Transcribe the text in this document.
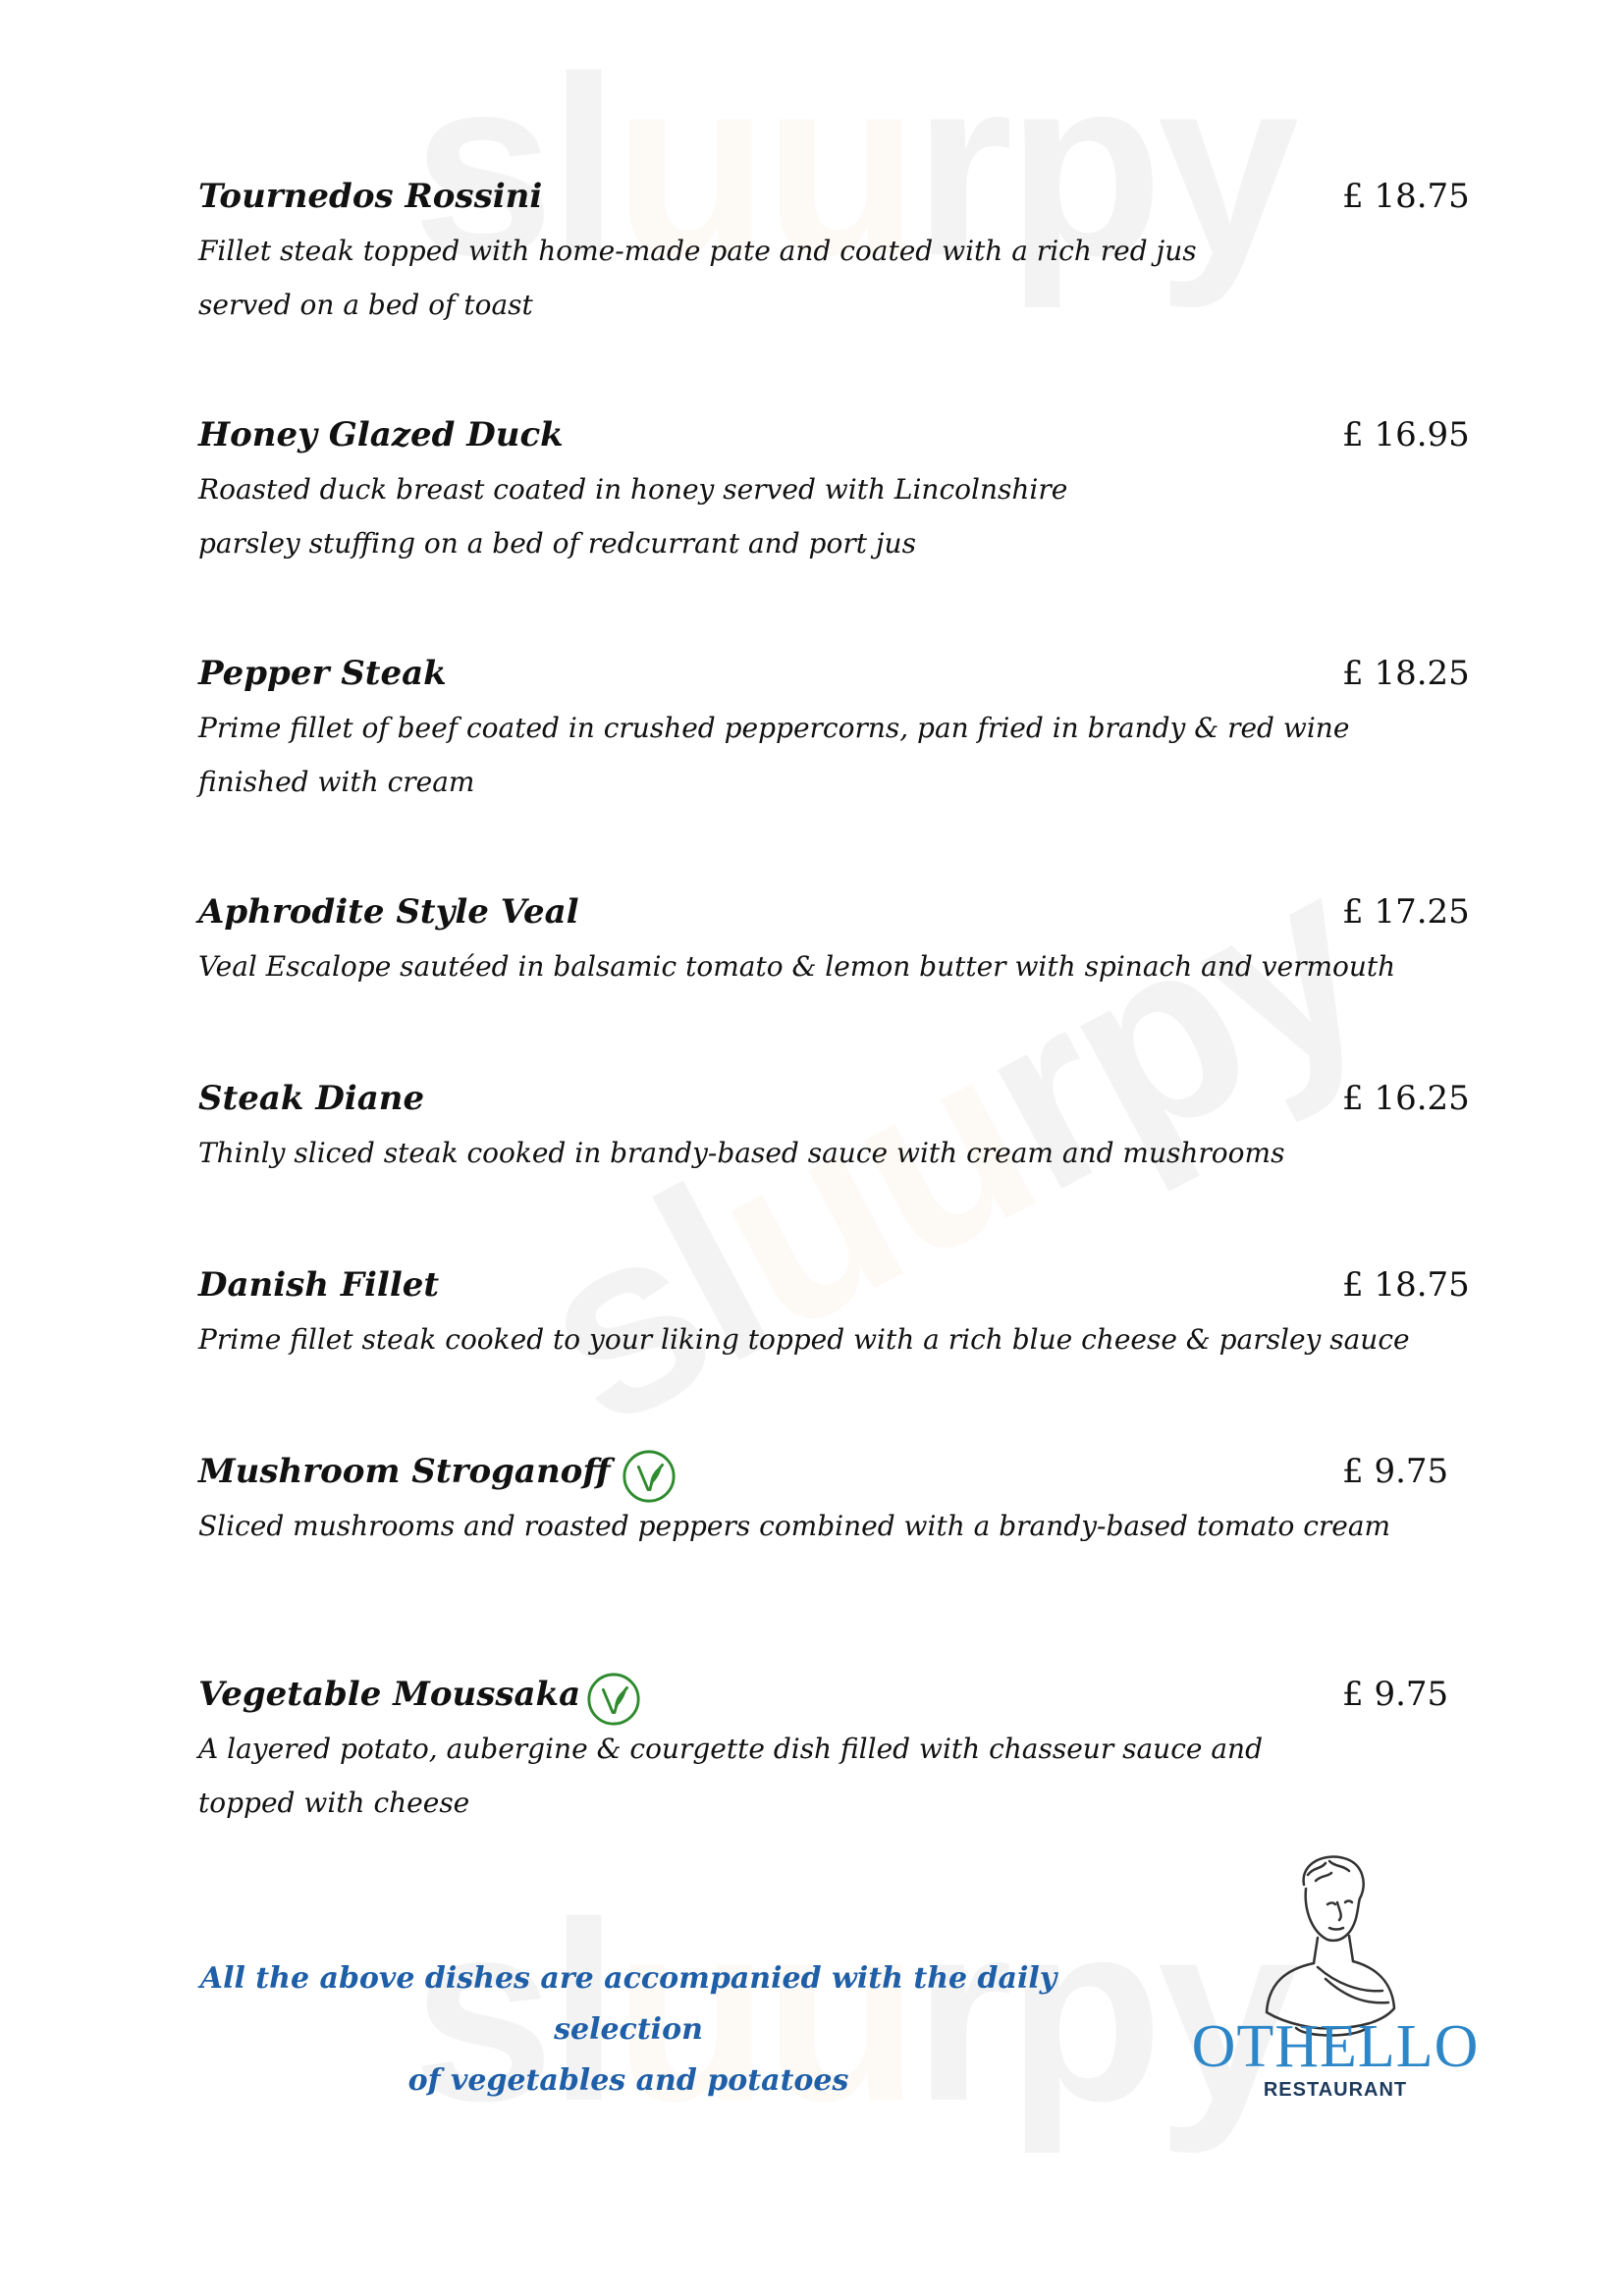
Tournedos Rossini	£ 18.75
Fillet steak topped with home-made pate and coated with a rich red jus
served on a bed of toast
Honey Glazed Duck	£ 16.95
Roasted duck breast coated in honey served with Lincolnshire
parsley stuffing on a bed of redcurrant and port jus
Pepper Steak	£ 18.25
Prime fillet of beef coated in crushed peppercorns, pan fried in brandy & red wine
finished with cream
Aphrodite Style Veal	£ 17.25
Veal Escalope sautéed in balsamic tomato & lemon butter with spinach and vermouth
Steak Diane	£ 16.25
Thinly sliced steak cooked in brandy-based sauce with cream and mushrooms
Danish Fillet	£ 18.75
Prime fillet steak cooked to your liking topped with a rich blue cheese & parsley sauce
Mushroom Stroganoff	£ 9.75
Sliced mushrooms and roasted peppers combined with a brandy-based tomato cream
Vegetable Moussaka	£ 9.75
A layered potato, aubergine & courgette dish filled with chasseur sauce and
topped with cheese
All the above dishes are accompanied with the daily selection
of vegetables and potatoes
OTHELLO
RESTAURANT
